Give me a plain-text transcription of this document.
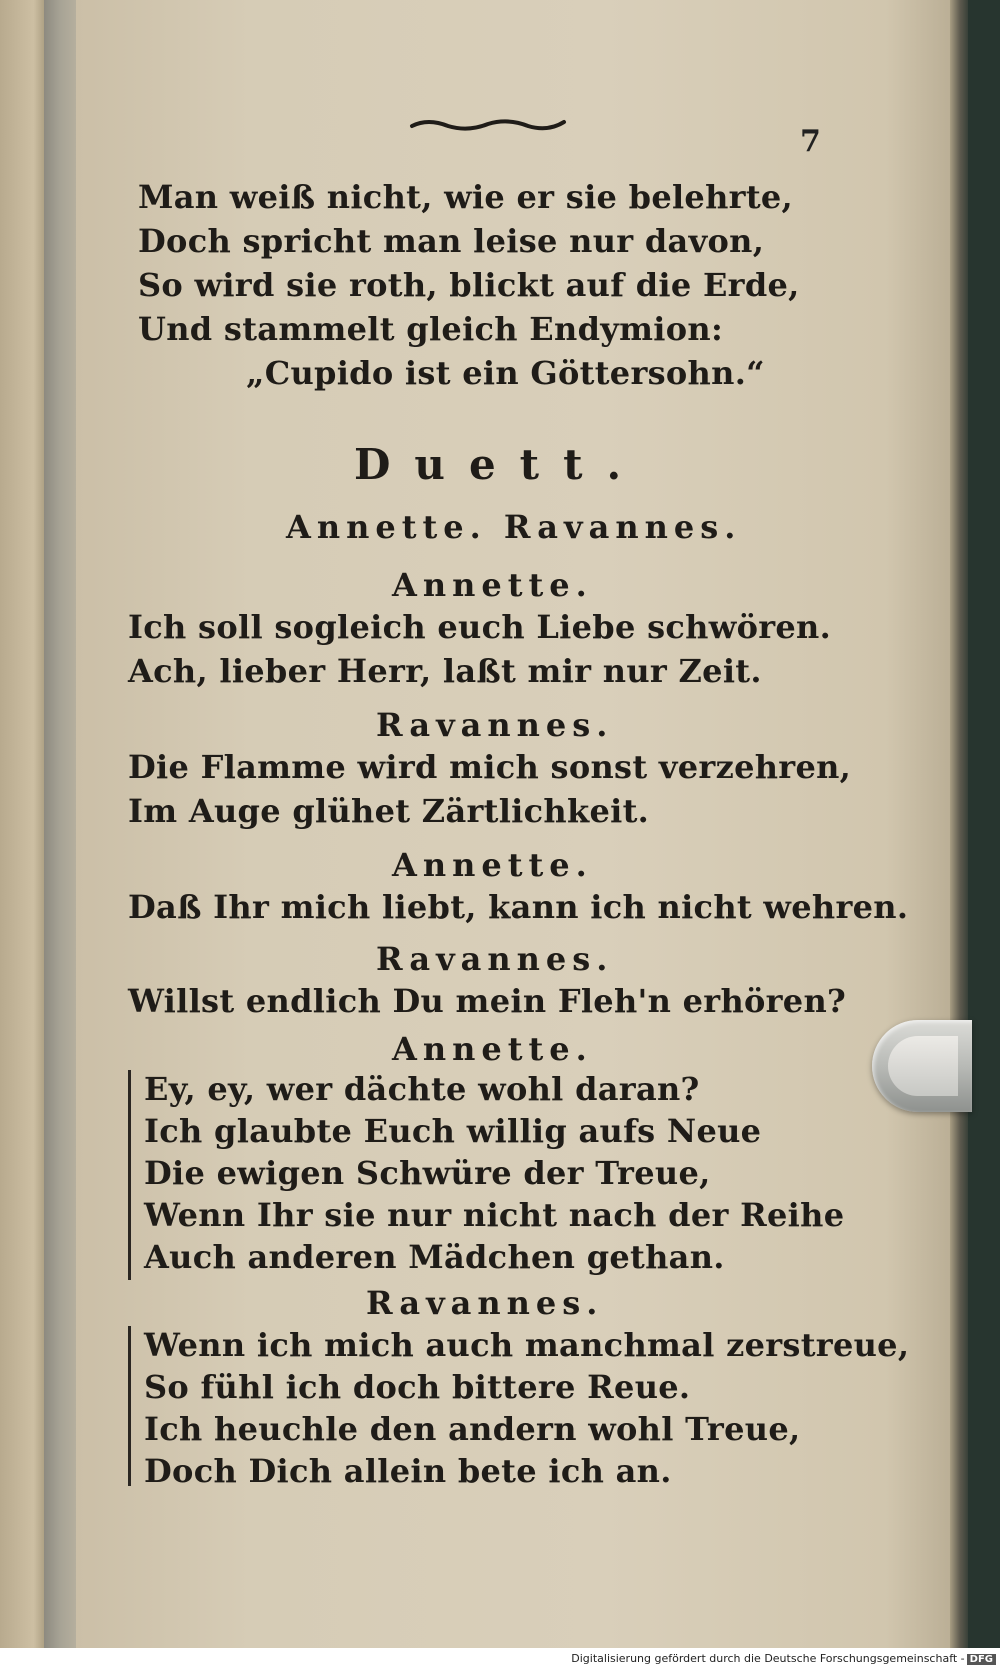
7
Man weiß nicht, wie er sie belehrte,
Doch spricht man leise nur davon,
So wird sie roth, blickt auf die Erde,
Und stammelt gleich Endymion:
„Cupido ist ein Göttersohn.“
Duett.
Annette. Ravannes.
Annette.
Ich soll sogleich euch Liebe schwören.
Ach, lieber Herr, laßt mir nur Zeit.
Ravannes.
Die Flamme wird mich sonst verzehren,
Im Auge glühet Zärtlichkeit.
Annette.
Daß Ihr mich liebt, kann ich nicht wehren.
Ravannes.
Willst endlich Du mein Fleh'n erhören?
Annette.
Ey, ey, wer dächte wohl daran?
Ich glaubte Euch willig aufs Neue
Die ewigen Schwüre der Treue,
Wenn Ihr sie nur nicht nach der Reihe
Auch anderen Mädchen gethan.
Ravannes.
Wenn ich mich auch manchmal zerstreue,
So fühl ich doch bittere Reue.
Ich heuchle den andern wohl Treue,
Doch Dich allein bete ich an.
Digitalisierung gefördert durch die Deutsche Forschungsgemeinschaft - DFG
